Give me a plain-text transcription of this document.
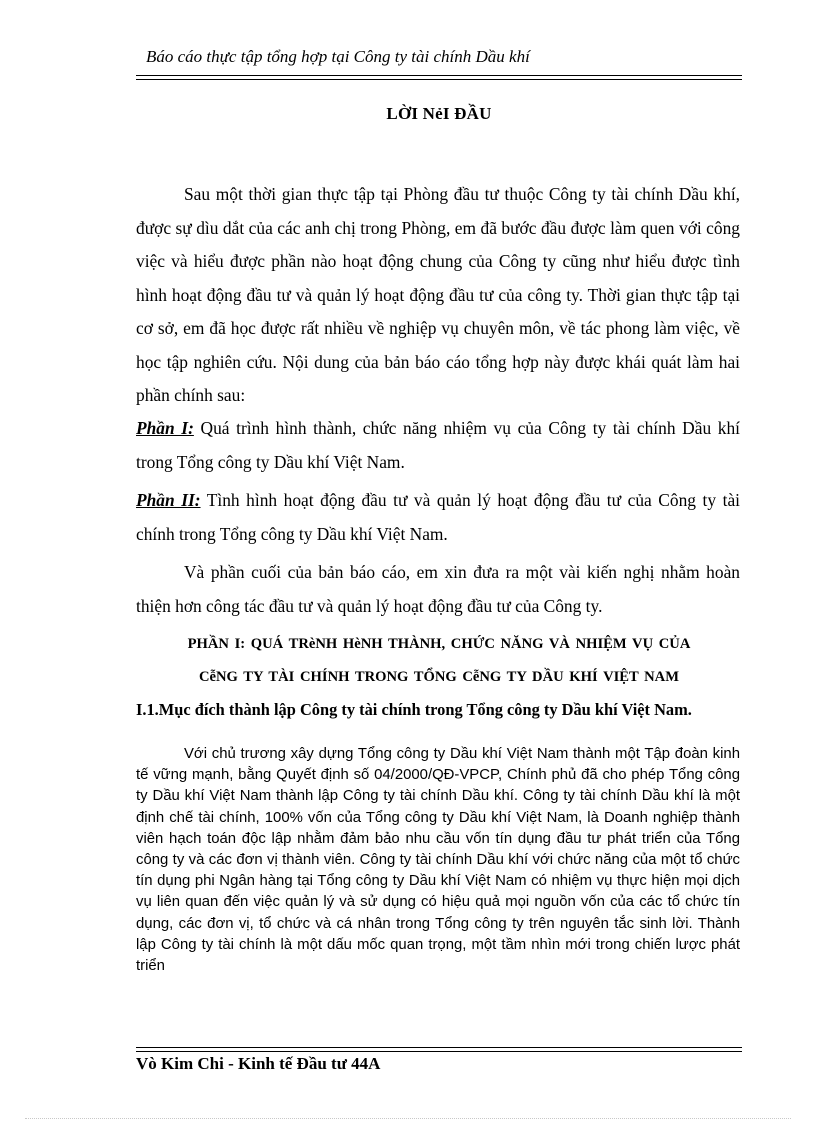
Báo cáo thực tập tổng hợp tại Công ty tài chính Dầu khí
LỜI NẻI ĐẦU

Sau một thời gian thực tập tại Phòng đầu tư thuộc Công ty tài chính Dầu khí, được sự dìu dắt của các anh chị trong Phòng, em đã bước đầu được làm quen với công việc và hiểu được phần nào hoạt động chung của Công ty cũng như hiểu được tình hình hoạt động đầu tư và quản lý hoạt động đầu tư của công ty. Thời gian thực tập tại cơ sở, em đã học được rất nhiều về nghiệp vụ chuyên môn, về tác phong làm việc, về học tập nghiên cứu. Nội dung của bản báo cáo tổng hợp này được khái quát làm hai phần chính sau:

Phần I: Quá trình hình thành, chức năng nhiệm vụ của Công ty tài chính Dầu khí trong Tổng công ty Dầu khí Việt Nam.

Phần II: Tình hình hoạt động đầu tư và quản lý hoạt động đầu tư của Công ty tài chính trong Tổng công ty Dầu khí Việt Nam.

Và phần cuối của bản báo cáo, em xin đưa ra một vài kiến nghị nhằm hoàn thiện hơn công tác đầu tư và quản lý hoạt động đầu tư của Công ty.

PHẦN I: QUÁ TRèNH HèNH THÀNH, CHỨC NĂNG VÀ NHIỆM VỤ CỦA
CễNG TY TÀI CHÍNH TRONG TỔNG CễNG TY DẦU KHÍ VIỆT NAM
I.1.Mục đích thành lập Công ty tài chính trong Tổng công ty Dầu khí Việt Nam.

Với chủ trương xây dựng Tổng công ty Dầu khí Việt Nam thành một Tập đoàn kinh tế vững mạnh, bằng Quyết định số 04/2000/QĐ-VPCP, Chính phủ đã cho phép Tổng công ty Dầu khí Việt Nam thành lập Công ty tài chính Dầu khí. Công ty tài chính Dầu khí là một định chế tài chính, 100% vốn của Tổng công ty Dầu khí Việt Nam, là Doanh nghiệp thành viên hạch toán độc lập nhằm đảm bảo nhu cầu vốn tín dụng đầu tư phát triển của Tổng công ty và các đơn vị thành viên. Công ty tài chính Dầu khí với chức năng của một tổ chức tín dụng phi Ngân hàng tại Tổng công ty Dầu khí Việt Nam có nhiệm vụ thực hiện mọi dịch vụ liên quan đến việc quản lý và sử dụng có hiệu quả mọi nguồn vốn của các tổ chức tín dụng, các đơn vị, tổ chức và cá nhân trong Tổng công ty trên nguyên tắc sinh lời. Thành lập Công ty tài chính là một dấu mốc quan trọng, một tầm nhìn mới trong chiến lược phát triển

Vò Kim Chi - Kinh tế Đầu tư 44A
